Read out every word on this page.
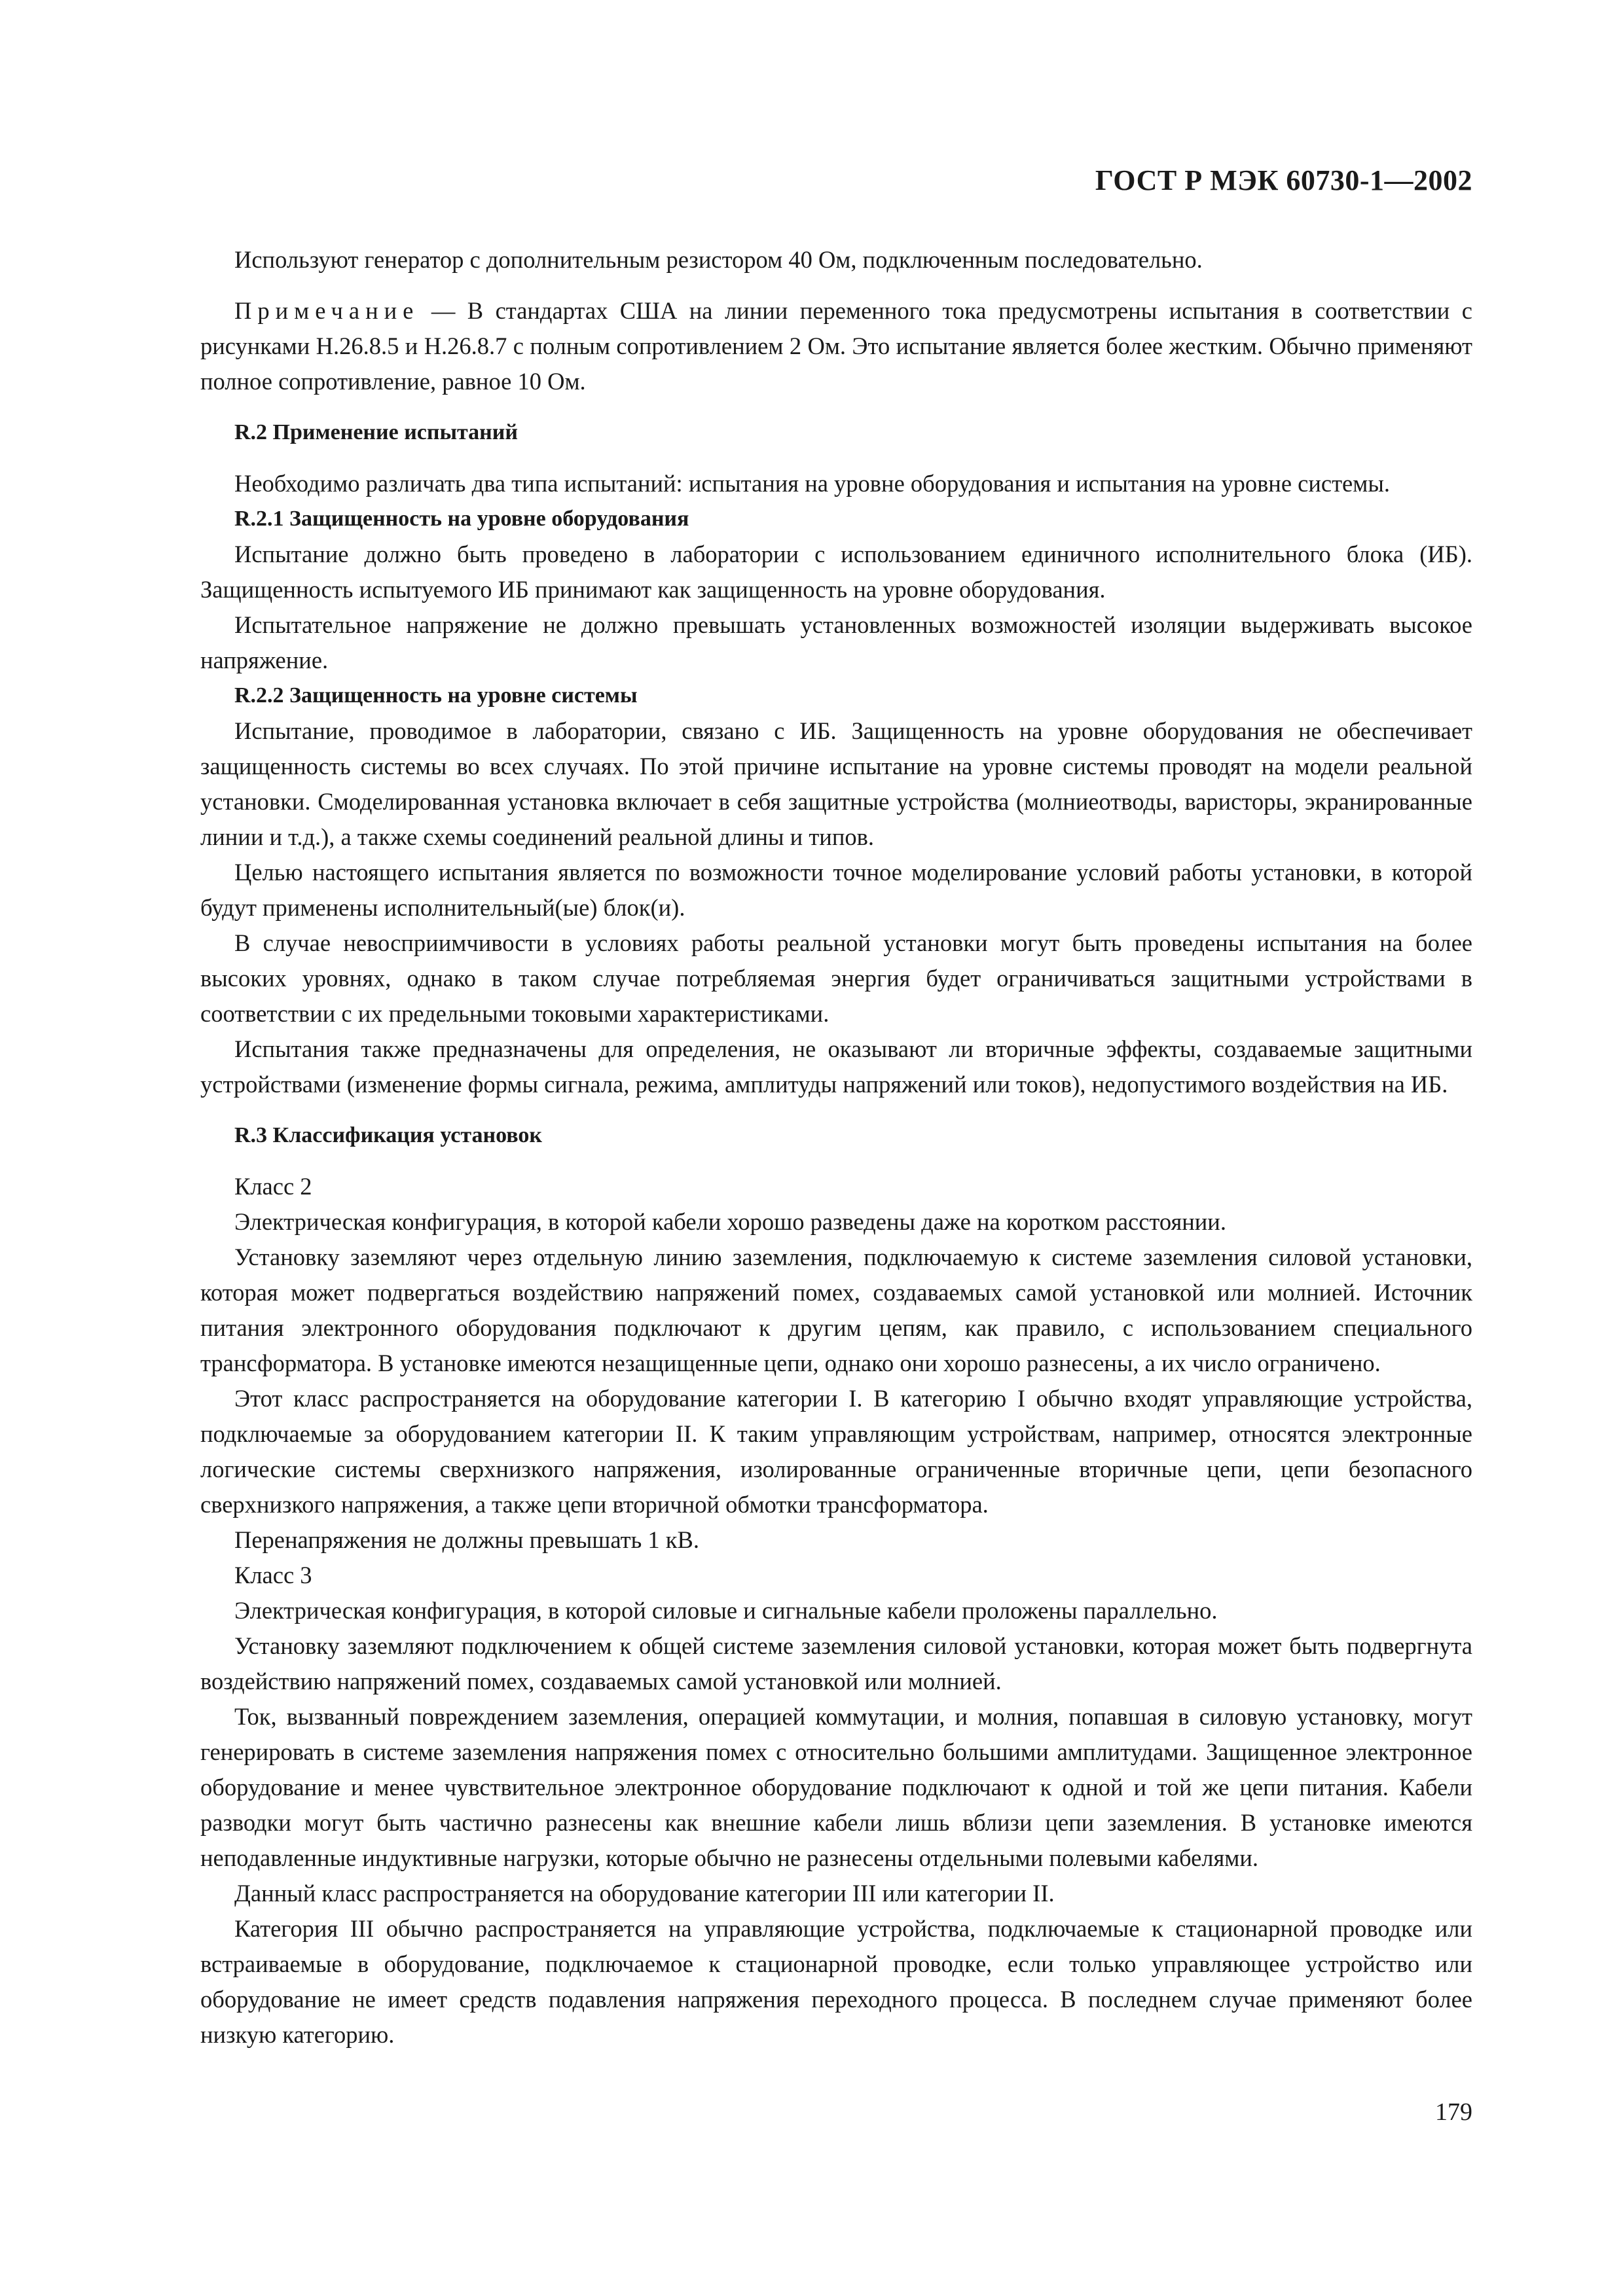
ГОСТ Р МЭК 60730-1—2002

Используют генератор с дополнительным резистором 40 Ом, подключенным последовательно.

Примечание — В стандартах США на линии переменного тока предусмотрены испытания в соответствии с рисунками H.26.8.5 и H.26.8.7 с полным сопротивлением 2 Ом. Это испытание является более жестким. Обычно применяют полное сопротивление, равное 10 Ом.

R.2 Применение испытаний

Необходимо различать два типа испытаний: испытания на уровне оборудования и испытания на уровне системы.

R.2.1 Защищенность на уровне оборудования

Испытание должно быть проведено в лаборатории с использованием единичного исполнительного блока (ИБ). Защищенность испытуемого ИБ принимают как защищенность на уровне оборудования.

Испытательное напряжение не должно превышать установленных возможностей изоляции выдерживать высокое напряжение.

R.2.2 Защищенность на уровне системы

Испытание, проводимое в лаборатории, связано с ИБ. Защищенность на уровне оборудования не обеспечивает защищенность системы во всех случаях. По этой причине испытание на уровне системы проводят на модели реальной установки. Смоделированная установка включает в себя защитные устройства (молниеотводы, варисторы, экранированные линии и т.д.), а также схемы соединений реальной длины и типов.

Целью настоящего испытания является по возможности точное моделирование условий работы установки, в которой будут применены исполнительный(ые) блок(и).

В случае невосприимчивости в условиях работы реальной установки могут быть проведены испытания на более высоких уровнях, однако в таком случае потребляемая энергия будет ограничиваться защитными устройствами в соответствии с их предельными токовыми характеристиками.

Испытания также предназначены для определения, не оказывают ли вторичные эффекты, создаваемые защитными устройствами (изменение формы сигнала, режима, амплитуды напряжений или токов), недопустимого воздействия на ИБ.

R.3 Классификация установок
Класс 2

Электрическая конфигурация, в которой кабели хорошо разведены даже на коротком расстоянии.

Установку заземляют через отдельную линию заземления, подключаемую к системе заземления силовой установки, которая может подвергаться воздействию напряжений помех, создаваемых самой установкой или молнией. Источник питания электронного оборудования подключают к другим цепям, как правило, с использованием специального трансформатора. В установке имеются незащищенные цепи, однако они хорошо разнесены, а их число ограничено.

Этот класс распространяется на оборудование категории I. В категорию I обычно входят управляющие устройства, подключаемые за оборудованием категории II. К таким управляющим устройствам, например, относятся электронные логические системы сверхнизкого напряжения, изолированные ограниченные вторичные цепи, цепи безопасного сверхнизкого напряжения, а также цепи вторичной обмотки трансформатора.

Перенапряжения не должны превышать 1 кВ.

Класс 3

Электрическая конфигурация, в которой силовые и сигнальные кабели проложены параллельно.

Установку заземляют подключением к общей системе заземления силовой установки, которая может быть подвергнута воздействию напряжений помех, создаваемых самой установкой или молнией.

Ток, вызванный повреждением заземления, операцией коммутации, и молния, попавшая в силовую установку, могут генерировать в системе заземления напряжения помех с относительно большими амплитудами. Защищенное электронное оборудование и менее чувствительное электронное оборудование подключают к одной и той же цепи питания. Кабели разводки могут быть частично разнесены как внешние кабели лишь вблизи цепи заземления. В установке имеются неподавленные индуктивные нагрузки, которые обычно не разнесены отдельными полевыми кабелями.

Данный класс распространяется на оборудование категории III или категории II.

Категория III обычно распространяется на управляющие устройства, подключаемые к стационарной проводке или встраиваемые в оборудование, подключаемое к стационарной проводке, если только управляющее устройство или оборудование не имеет средств подавления напряжения переходного процесса. В последнем случае применяют более низкую категорию.

179
